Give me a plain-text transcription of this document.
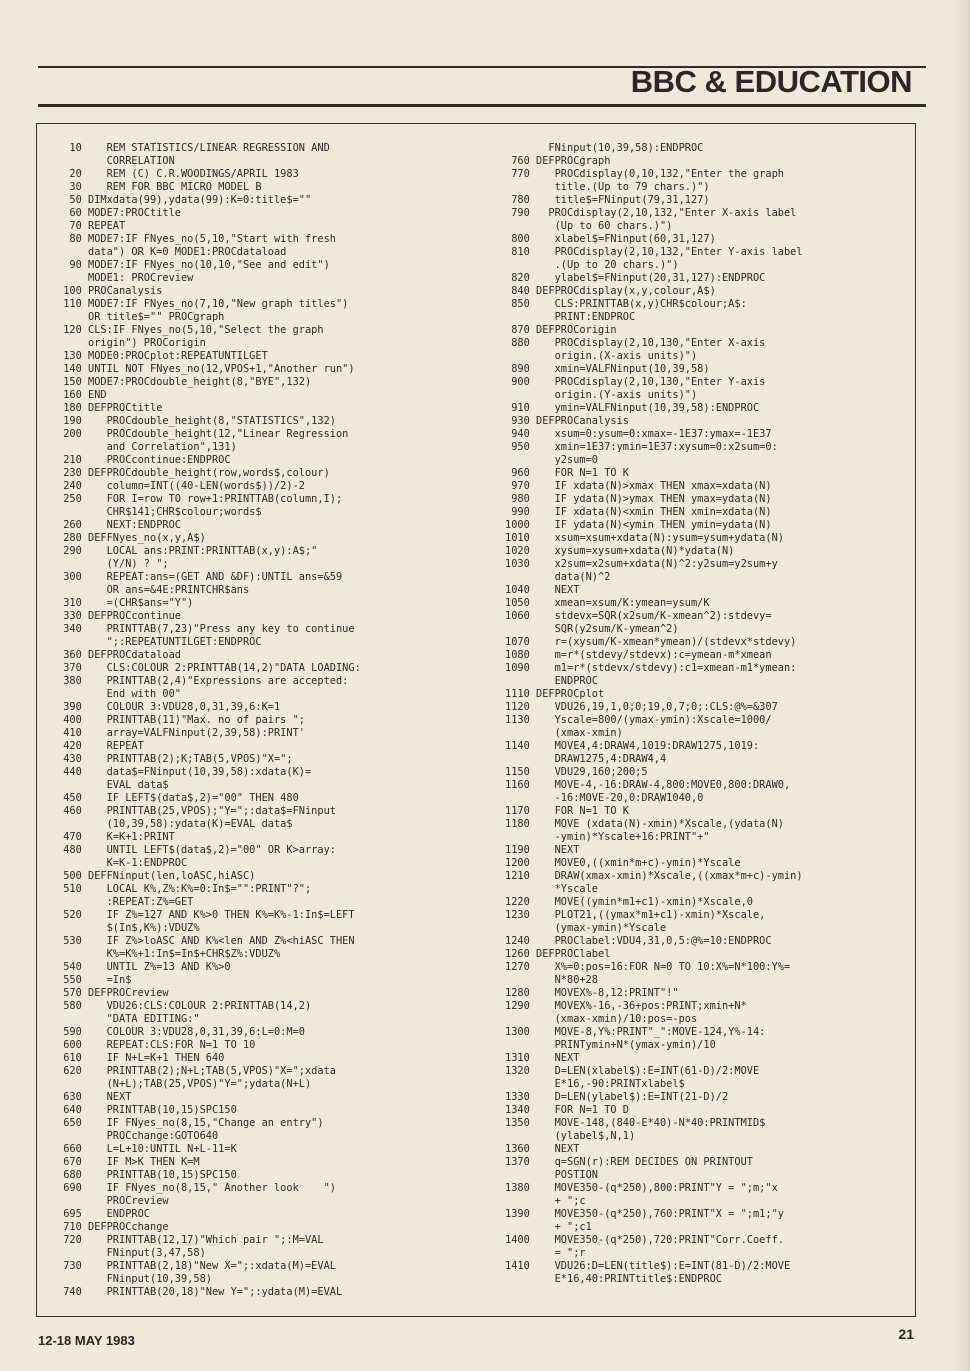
BBC & EDUCATION
10    REM STATISTICS/LINEAR REGRESSION AND
CORRELATION
20    REM (C) C.R.WOODINGS/APRIL 1983
30    REM FOR BBC MICRO MODEL B
50 DIMxdata(99),ydata(99):K=0:title$=""
60 MODE7:PROCtitle
70 REPEAT
80 MODE7:IF FNyes_no(5,10,"Start with fresh
data") OR K=0 MODE1:PROCdataload
90 MODE7:IF FNyes_no(10,10,"See and edit")
MODE1: PROCreview
100 PROCanalysis
110 MODE7:IF FNyes_no(7,10,"New graph titles")
OR title$="" PROCgraph
120 CLS:IF FNyes_no(5,10,"Select the graph
origin") PROCorigin
130 MODE0:PROCplot:REPEATUNTILGET
140 UNTIL NOT FNyes_no(12,VPOS+1,"Another run")
150 MODE7:PROCdouble_height(8,"BYE",132)
160 END
180 DEFPROCtitle
190    PROCdouble_height(8,"STATISTICS",132)
200    PROCdouble_height(12,"Linear Regression
and Correlation",131)
210    PROCcontinue:ENDPROC
230 DEFPROCdouble_height(row,words$,colour)
240    column=INT((40-LEN(words$))/2)-2
250    FOR I=row TO row+1:PRINTTAB(column,I);
CHR$141;CHR$colour;words$
260    NEXT:ENDPROC
280 DEFFNyes_no(x,y,A$)
290    LOCAL ans:PRINT:PRINTTAB(x,y):A$;"
(Y/N) ? ";
300    REPEAT:ans=(GET AND &DF):UNTIL ans=&59
OR ans=&4E:PRINTCHR$ans
310    =(CHR$ans="Y")
330 DEFPROCcontinue
340    PRINTTAB(7,23)"Press any key to continue
";:REPEATUNTILGET:ENDPROC
360 DEFPROCdataload
370    CLS:COLOUR 2:PRINTTAB(14,2)"DATA LOADING:
380    PRINTTAB(2,4)"Expressions are accepted:
End with 00"
390    COLOUR 3:VDU28,0,31,39,6:K=1
400    PRINTTAB(11)"Max. no of pairs ";
410    array=VALFNinput(2,39,58):PRINT'
420    REPEAT
430    PRINTTAB(2);K;TAB(5,VPOS)"X=";
440    data$=FNinput(10,39,58):xdata(K)=
EVAL data$
450    IF LEFT$(data$,2)="00" THEN 480
460    PRINTTAB(25,VPOS);"Y=";:data$=FNinput
(10,39,58):ydata(K)=EVAL data$
470    K=K+1:PRINT
480    UNTIL LEFT$(data$,2)="00" OR K>array:
K=K-1:ENDPROC
500 DEFFNinput(len,loASC,hiASC)
510    LOCAL K%,Z%:K%=0:In$="":PRINT"?";
:REPEAT:Z%=GET
520    IF Z%=127 AND K%>0 THEN K%=K%-1:In$=LEFT
$(In$,K%):VDUZ%
530    IF Z%>loASC AND K%<len AND Z%<hiASC THEN
K%=K%+1:In$=In$+CHR$Z%:VDUZ%
540    UNTIL Z%=13 AND K%>0
550    =In$
570 DEFPROCreview
580    VDU26:CLS:COLOUR 2:PRINTTAB(14,2)
"DATA EDITING:"
590    COLOUR 3:VDU28,0,31,39,6:L=0:M=0
600    REPEAT:CLS:FOR N=1 TO 10
610    IF N+L=K+1 THEN 640
620    PRINTTAB(2);N+L;TAB(5,VPOS)"X=";xdata
(N+L);TAB(25,VPOS)"Y=";ydata(N+L)
630    NEXT
640    PRINTTAB(10,15)SPC150
650    IF FNyes_no(8,15,"Change an entry")
PROCchange:GOTO640
660    L=L+10:UNTIL N+L-11=K
670    IF M>K THEN K=M
680    PRINTTAB(10,15)SPC150
690    IF FNyes_no(8,15," Another look    ")
PROCreview
695    ENDPROC
710 DEFPROCchange
720    PRINTTAB(12,17)"Which pair ";:M=VAL
FNinput(3,47,58)
730    PRINTTAB(2,18)"New X=";:xdata(M)=EVAL
FNinput(10,39,58)
740    PRINTTAB(20,18)"New Y=";:ydata(M)=EVAL
FNinput(10,39,58):ENDPROC
760 DEFPROCgraph
770    PROCdisplay(0,10,132,"Enter the graph
title.(Up to 79 chars.)")
780    title$=FNinput(79,31,127)
790   PROCdisplay(2,10,132,"Enter X-axis label
(Up to 60 chars.)")
800    xlabel$=FNinput(60,31,127)
810    PROCdisplay(2,10,132,"Enter Y-axis label
.(Up to 20 chars.)")
820    ylabel$=FNinput(20,31,127):ENDPROC
840 DEFPROCdisplay(x,y,colour,A$)
850    CLS:PRINTTAB(x,y)CHR$colour;A$:
PRINT:ENDPROC
870 DEFPROCorigin
880    PROCdisplay(2,10,130,"Enter X-axis
origin.(X-axis units)")
890    xmin=VALFNinput(10,39,58)
900    PROCdisplay(2,10,130,"Enter Y-axis
origin.(Y-axis units)")
910    ymin=VALFNinput(10,39,58):ENDPROC
930 DEFPROCanalysis
940    xsum=0:ysum=0:xmax=-1E37:ymax=-1E37
950    xmin=1E37:ymin=1E37:xysum=0:x2sum=0:
y2sum=0
960    FOR N=1 TO K
970    IF xdata(N)>xmax THEN xmax=xdata(N)
980    IF ydata(N)>ymax THEN ymax=ydata(N)
990    IF xdata(N)<xmin THEN xmin=xdata(N)
1000    IF ydata(N)<ymin THEN ymin=ydata(N)
1010    xsum=xsum+xdata(N):ysum=ysum+ydata(N)
1020    xysum=xysum+xdata(N)*ydata(N)
1030    x2sum=x2sum+xdata(N)^2:y2sum=y2sum+y
data(N)^2
1040    NEXT
1050    xmean=xsum/K:ymean=ysum/K
1060    stdevx=SQR(x2sum/K-xmean^2):stdevy=
SQR(y2sum/K-ymean^2)
1070    r=(xysum/K-xmean*ymean)/(stdevx*stdevy)
1080    m=r*(stdevy/stdevx):c=ymean-m*xmean
1090    m1=r*(stdevx/stdevy):c1=xmean-m1*ymean:
ENDPROC
1110 DEFPROCplot
1120    VDU26,19,1,0;0;19,0,7;0;:CLS:@%=&307
1130    Yscale=800/(ymax-ymin):Xscale=1000/
(xmax-xmin)
1140    MOVE4,4:DRAW4,1019:DRAW1275,1019:
DRAW1275,4:DRAW4,4
1150    VDU29,160;200;5
1160    MOVE-4,-16:DRAW-4,800:MOVE0,800:DRAW0,
-16:MOVE-20,0:DRAW1040,0
1170    FOR N=1 TO K
1180    MOVE (xdata(N)-xmin)*Xscale,(ydata(N)
-ymin)*Yscale+16:PRINT"+"
1190    NEXT
1200    MOVE0,((xmin*m+c)-ymin)*Yscale
1210    DRAW(xmax-xmin)*Xscale,((xmax*m+c)-ymin)
*Yscale
1220    MOVE((ymin*m1+c1)-xmin)*Xscale,0
1230    PLOT21,((ymax*m1+c1)-xmin)*Xscale,
(ymax-ymin)*Yscale
1240    PROClabel:VDU4,31,0,5:@%=10:ENDPROC
1260 DEFPROClabel
1270    X%=0:pos=16:FOR N=0 TO 10:X%=N*100:Y%=
N*80+28
1280    MOVEX%-8,12:PRINT"!"
1290    MOVEX%-16,-36+pos:PRINT;xmin+N*
(xmax-xmin)/10:pos=-pos
1300    MOVE-8,Y%:PRINT"_":MOVE-124,Y%-14:
PRINTymin+N*(ymax-ymin)/10
1310    NEXT
1320    D=LEN(xlabel$):E=INT(61-D)/2:MOVE
E*16,-90:PRINTxlabel$
1330    D=LEN(ylabel$):E=INT(21-D)/2
1340    FOR N=1 TO D
1350    MOVE-148,(840-E*40)-N*40:PRINTMID$
(ylabel$,N,1)
1360    NEXT
1370    q=SGN(r):REM DECIDES ON PRINTOUT
POSTION
1380    MOVE350-(q*250),800:PRINT"Y = ";m;"x
+ ";c
1390    MOVE350-(q*250),760:PRINT"X = ";m1;"y
+ ";c1
1400    MOVE350-(q*250),720:PRINT"Corr.Coeff.
= ";r
1410    VDU26:D=LEN(title$):E=INT(81-D)/2:MOVE
E*16,40:PRINTtitle$:ENDPROC
12-18 MAY 1983	21
